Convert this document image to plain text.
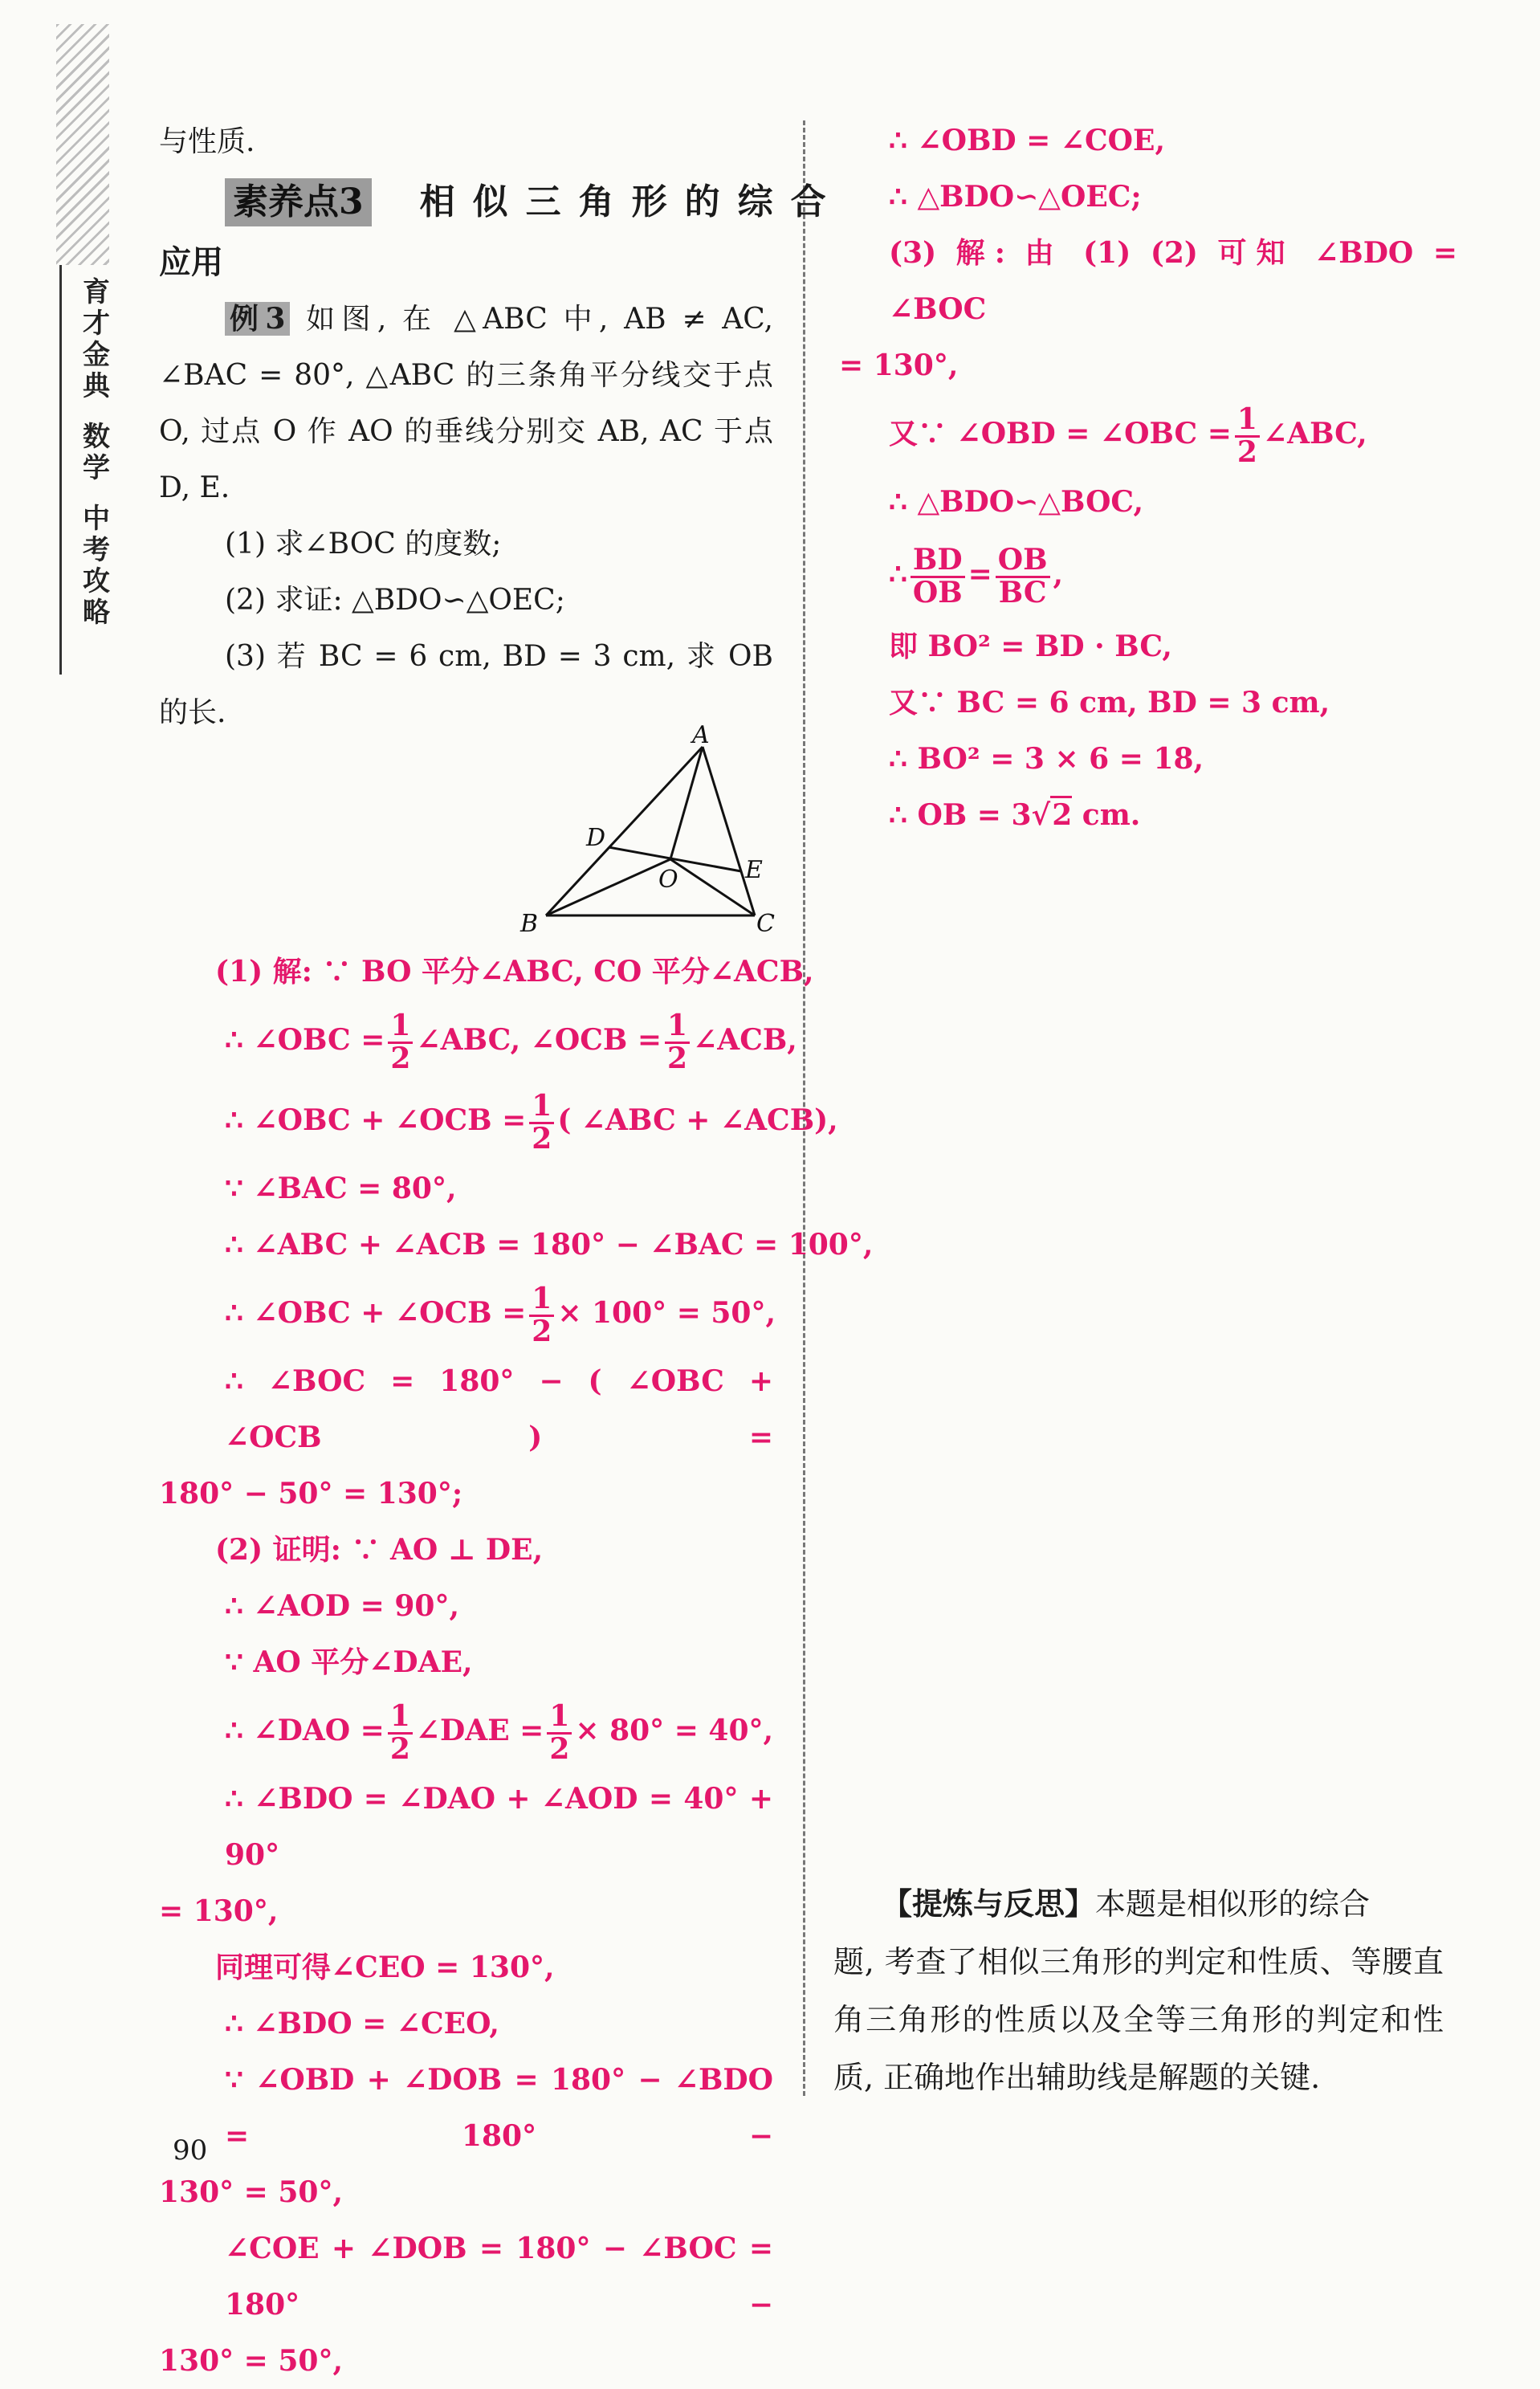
育
才
金
典
数
学
中
考
攻
略

与性质.

素养点3 相似三角形的综合

应用

例3 如图, 在 △ABC 中, AB ≠ AC,

∠BAC = 80°, △ABC 的三条角平分线交于点

O, 过点 O 作 AO 的垂线分别交 AB, AC 于点

D, E.

(1) 求∠BOC 的度数;

(2) 求证: △BDO∽△OEC;

(3) 若 BC = 6 cm, BD = 3 cm, 求 OB

的长.

A
B	C
D
E
O

(1) 解: ∵ BO 平分∠ABC, CO 平分∠ACB,

∴ ∠OBC = $\frac{1}{2}$ ∠ABC, ∠OCB = $\frac{1}{2}$ ∠ACB,

∴ ∠OBC + ∠OCB = $\frac{1}{2}$ ( ∠ABC + ∠ACB),

∵ ∠BAC = 80°,

∴ ∠ABC + ∠ACB = 180° − ∠BAC = 100°,

∴ ∠OBC + ∠OCB = $\frac{1}{2} \times 100^\circ = 50^\circ$,

∴ ∠BOC = 180° − ( ∠OBC + ∠OCB ) =

180° − 50° = 130°;

(2) 证明: ∵ AO ⊥ DE,

∴ ∠AOD = 90°,

∵ AO 平分∠DAE,

∴ ∠DAO = $\frac{1}{2}$ ∠DAE = $\frac{1}{2} \times 80^\circ = 40^\circ$,

∴ ∠BDO = ∠DAO + ∠AOD = 40° + 90°

= 130°,

同理可得∠CEO = 130°,

∴ ∠BDO = ∠CEO,

∵ ∠OBD + ∠DOB = 180° − ∠BDO = 180° −

130° = 50°,

∠COE + ∠DOB = 180° − ∠BOC = 180° −

130° = 50°,

∴ ∠OBD = ∠COE,

∴ △BDO∽△OEC;

(3) 解: 由 (1) (2) 可知 ∠BDO = ∠BOC

= 130°,

又∵ ∠OBD = ∠OBC = $\frac{1}{2}$ ∠ABC,

∴ △BDO∽△BOC,

∴ $\frac{BD}{OB} = \frac{OB}{BC}$ ,

即 BO² = BD · BC,

又∵ BC = 6 cm, BD = 3 cm,

∴ BO² = 3 × 6 = 18,

∴ OB = 3√2 cm.

【提炼与反思】本题是相似形的综合

题, 考查了相似三角形的判定和性质、等腰直

角三角形的性质以及全等三角形的判定和性

质, 正确地作出辅助线是解题的关键.

90
